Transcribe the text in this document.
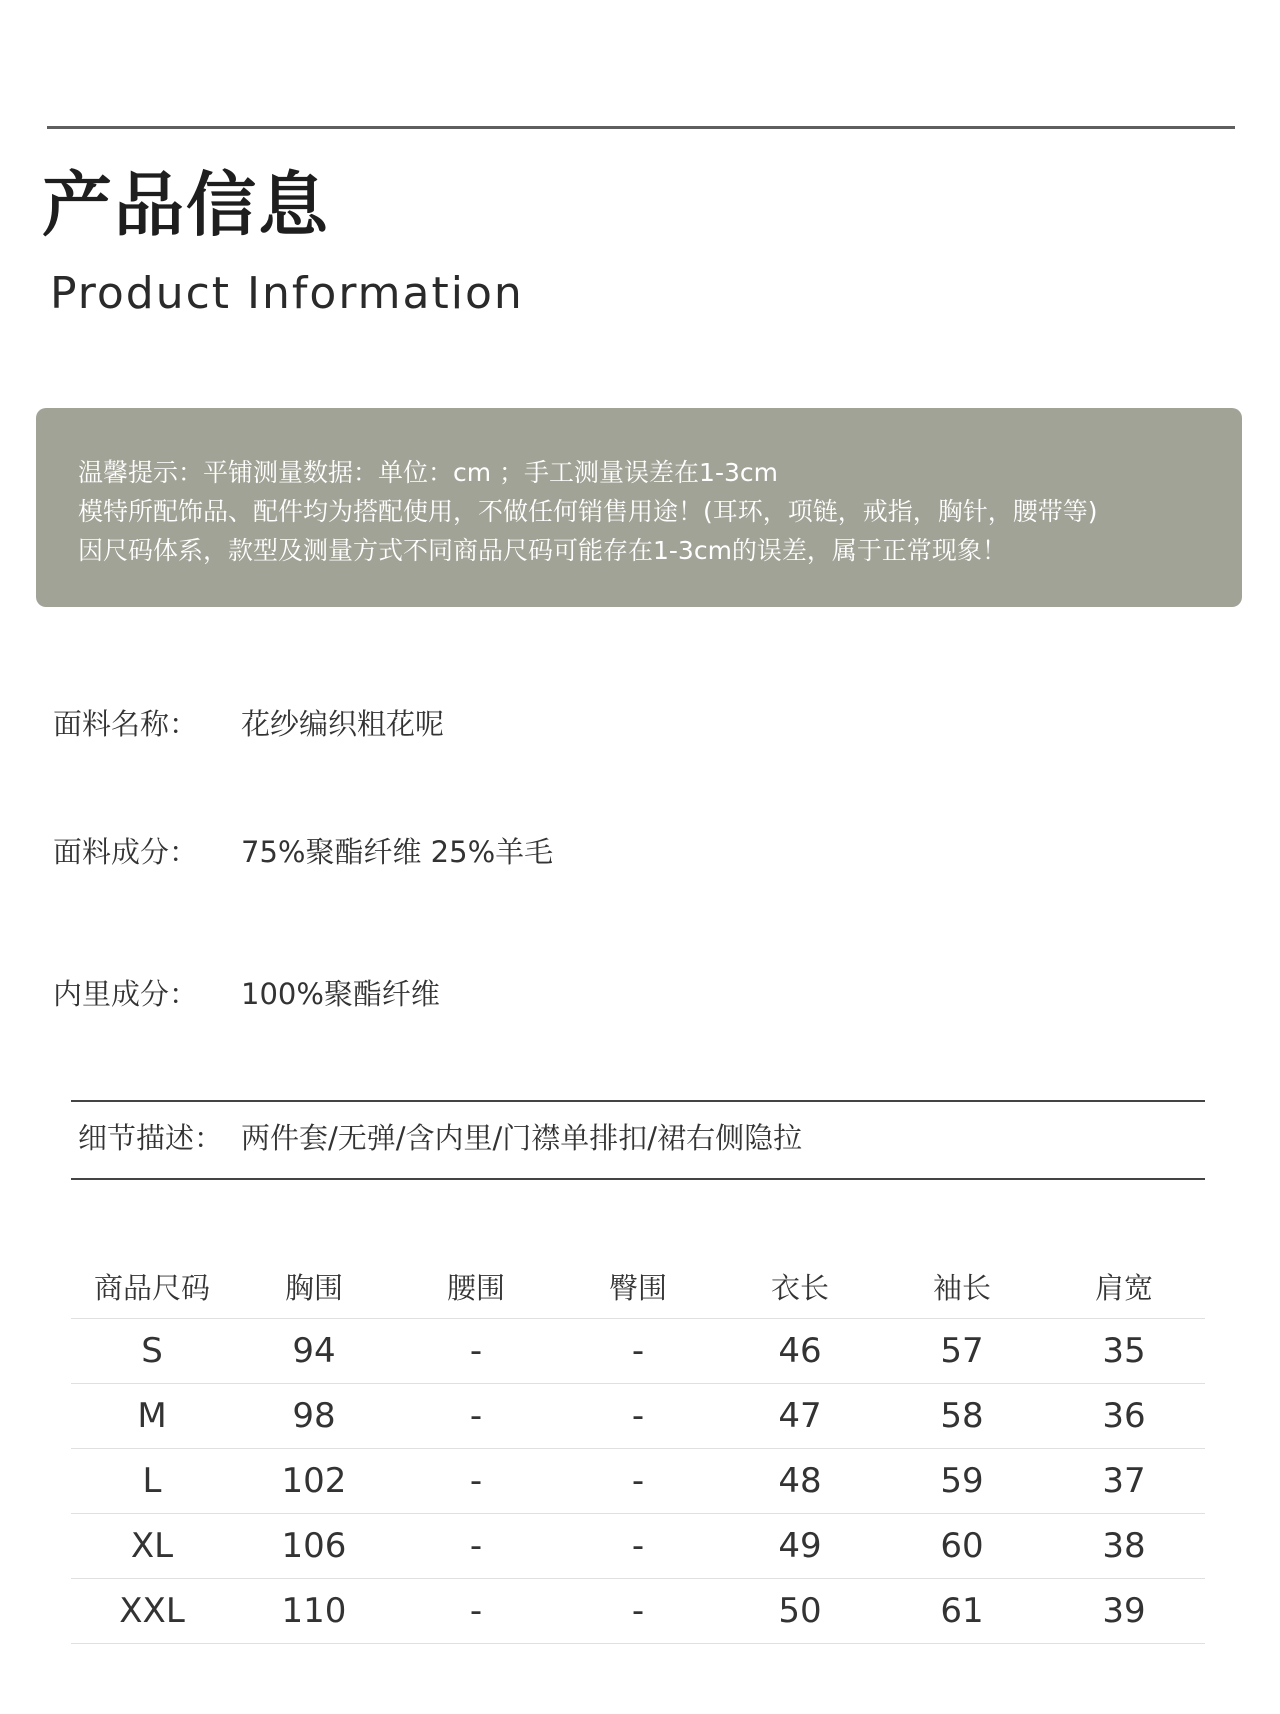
产品信息
Product Information
温馨提示：平铺测量数据：单位：cm ；手工测量误差在1-3cm
模特所配饰品、配件均为搭配使用，不做任何销售用途！(耳环，项链，戒指，胸针，腰带等)
因尺码体系，款型及测量方式不同商品尺码可能存在1-3cm的误差，属于正常现象！
面料名称： 花纱编织粗花呢
面料成分： 75%聚酯纤维 25%羊毛
内里成分： 100%聚酯纤维
细节描述： 两件套/无弹/含内里/门襟单排扣/裙右侧隐拉
商品尺码	胸围	腰围	臀围	衣长	袖长	肩宽
S	94	-	-	46	57	35
M	98	-	-	47	58	36
L	102	-	-	48	59	37
XL	106	-	-	49	60	38
XXL	110	-	-	50	61	39
